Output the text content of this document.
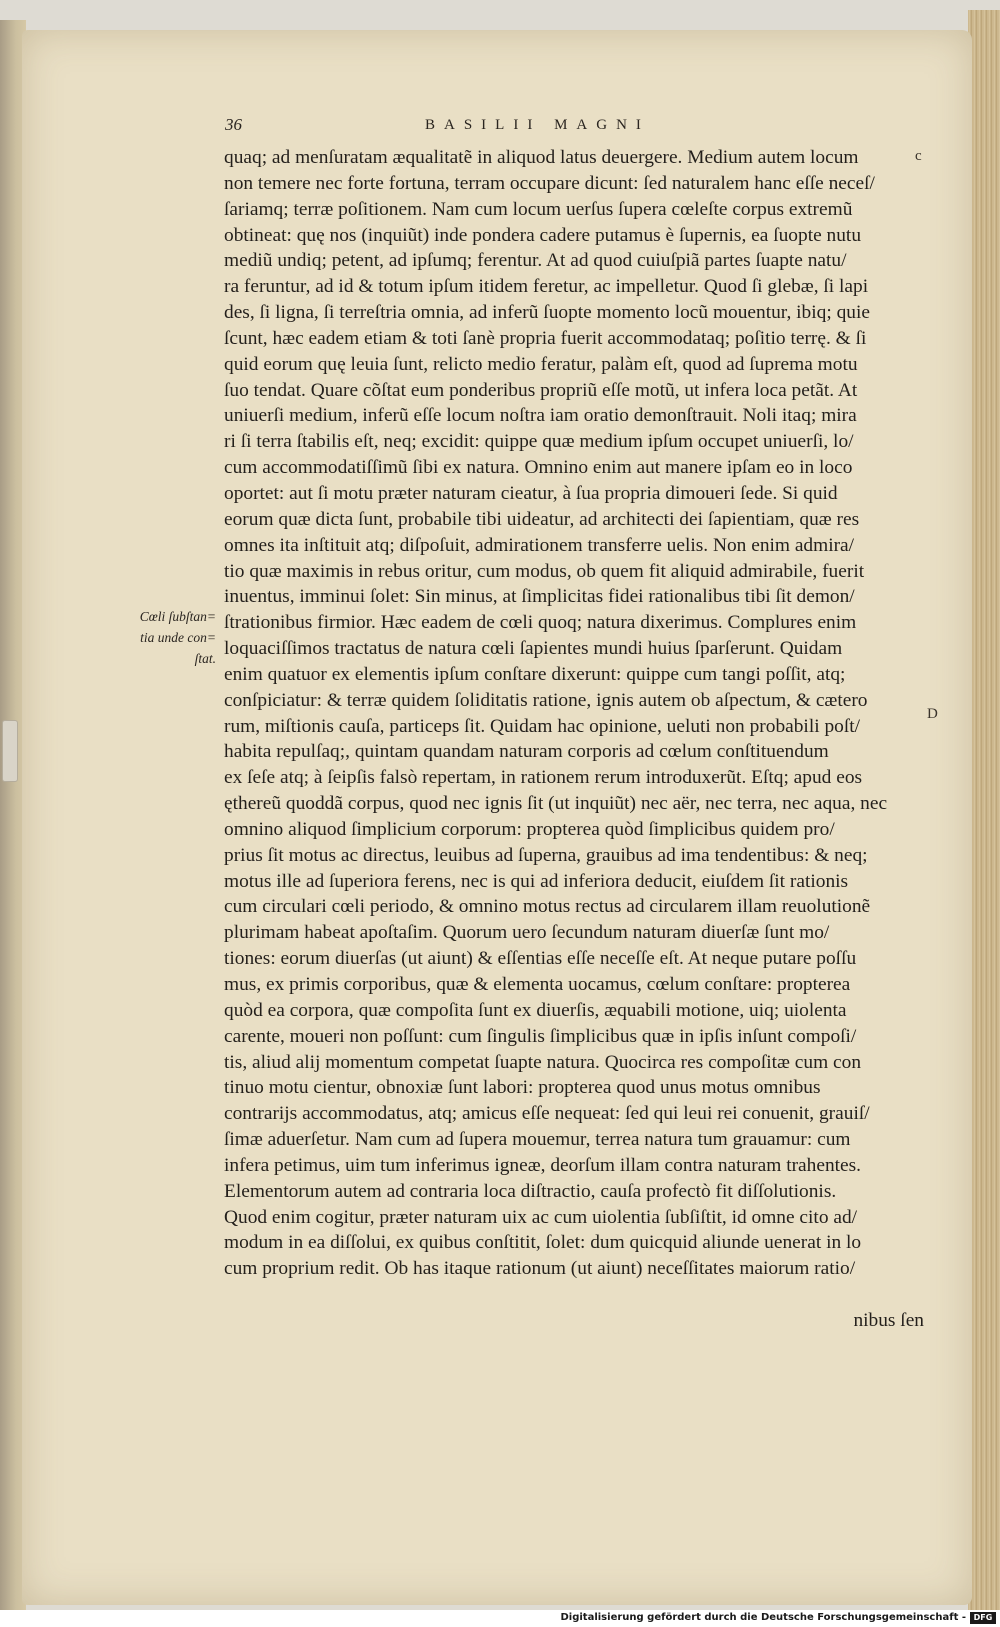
36	BASILII MAGNI
Cœli ſubſtan=
tia unde con=
ſtat.
c
D
quaq; ad menſuratam æqualitatẽ in aliquod latus deuergere. Medium autem locum
non temere nec forte fortuna, terram occupare dicunt: ſed naturalem hanc eſſe neceſ/
ſariamq; terræ poſitionem. Nam cum locum uerſus ſupera cœleſte corpus extremũ
obtineat: quę nos (inquiũt) inde pondera cadere putamus è ſupernis, ea ſuopte nutu
mediũ undiq; petent, ad ipſumq; ferentur. At ad quod cuiuſpiã partes ſuapte natu/
ra feruntur, ad id & totum ipſum itidem feretur, ac impelletur. Quod ſi glebæ, ſi lapi
des, ſi ligna, ſi terreſtria omnia, ad inferũ ſuopte momento locũ mouentur, ibiq; quie
ſcunt, hæc eadem etiam & toti ſanè propria fuerit accommodataq; poſitio terrę. & ſi
quid eorum quę leuia ſunt, relicto medio feratur, palàm eſt, quod ad ſuprema motu
ſuo tendat. Quare cõſtat eum ponderibus propriũ eſſe motũ, ut infera loca petãt. At
uniuerſi medium, inferũ eſſe locum noſtra iam oratio demonſtrauit. Noli itaq; mira
ri ſi terra ſtabilis eſt, neq; excidit: quippe quæ medium ipſum occupet uniuerſi, lo/
cum accommodatiſſimũ ſibi ex natura. Omnino enim aut manere ipſam eo in loco
oportet: aut ſi motu præter naturam cieatur, à ſua propria dimoueri ſede. Si quid
eorum quæ dicta ſunt, probabile tibi uideatur, ad architecti dei ſapientiam, quæ res
omnes ita inſtituit atq; diſpoſuit, admirationem transferre uelis. Non enim admira/
tio quæ maximis in rebus oritur, cum modus, ob quem fit aliquid admirabile, fuerit
inuentus, imminui ſolet: Sin minus, at ſimplicitas fidei rationalibus tibi ſit demon/
ſtrationibus firmior. Hæc eadem de cœli quoq; natura dixerimus. Complures enim
loquaciſſimos tractatus de natura cœli ſapientes mundi huius ſparſerunt. Quidam
enim quatuor ex elementis ipſum conſtare dixerunt: quippe cum tangi poſſit, atq;
conſpiciatur: & terræ quidem ſoliditatis ratione, ignis autem ob aſpectum, & cætero
rum, miſtionis cauſa, particeps ſit. Quidam hac opinione, ueluti non probabili poſt/
habita repulſaq;, quintam quandam naturam corporis ad cœlum conſtituendum
ex ſeſe atq; à ſeipſis falsò repertam, in rationem rerum introduxerũt. Eſtq; apud eos
ęthereũ quoddã corpus, quod nec ignis ſit (ut inquiũt) nec aër, nec terra, nec aqua, nec
omnino aliquod ſimplicium corporum: propterea quòd ſimplicibus quidem pro/
prius ſit motus ac directus, leuibus ad ſuperna, grauibus ad ima tendentibus: & neq;
motus ille ad ſuperiora ferens, nec is qui ad inferiora deducit, eiuſdem ſit rationis
cum circulari cœli periodo, & omnino motus rectus ad circularem illam reuolutionẽ
plurimam habeat apoſtaſim. Quorum uero ſecundum naturam diuerſæ ſunt mo/
tiones: eorum diuerſas (ut aiunt) & eſſentias eſſe neceſſe eſt. At neque putare poſſu
mus, ex primis corporibus, quæ & elementa uocamus, cœlum conſtare: propterea
quòd ea corpora, quæ compoſita ſunt ex diuerſis, æquabili motione, uiq; uiolenta
carente, moueri non poſſunt: cum ſingulis ſimplicibus quæ in ipſis inſunt compoſi/
tis, aliud alij momentum competat ſuapte natura. Quocirca res compoſitæ cum con
tinuo motu cientur, obnoxiæ ſunt labori: propterea quod unus motus omnibus
contrarijs accommodatus, atq; amicus eſſe nequeat: ſed qui leui rei conuenit, grauiſ/
ſimæ aduerſetur. Nam cum ad ſupera mouemur, terrea natura tum grauamur: cum
infera petimus, uim tum inferimus igneæ, deorſum illam contra naturam trahentes.
Elementorum autem ad contraria loca diſtractio, cauſa profectò fit diſſolutionis.
Quod enim cogitur, præter naturam uix ac cum uiolentia ſubſiſtit, id omne cito ad/
modum in ea diſſolui, ex quibus conſtitit, ſolet: dum quicquid aliunde uenerat in lo
cum proprium redit. Ob has itaque rationum (ut aiunt) neceſſitates maiorum ratio/
nibus ſen
Digitalisierung gefördert durch die Deutsche Forschungsgemeinschaft - DFG
